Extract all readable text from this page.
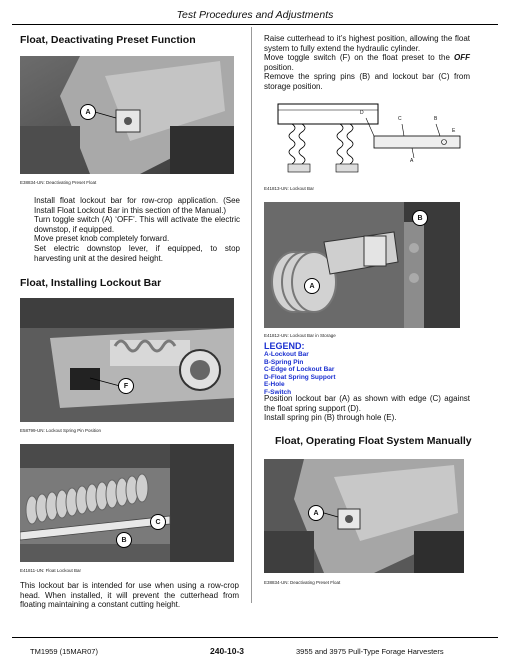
Test Procedures and Adjustments
Float, Deactivating Preset Function
A
E38834-UN: Deactivating Preset Float

Install float lockout bar for row-crop application. (See Install Float Lockout Bar in this section of the Manual.)

Turn toggle switch (A) ‘OFF’. This will activate the electric downstop, if equipped.

Move preset knob completely forward.

Set electric downstop lever, if equipped, to stop harvesting unit at the desired height.

Float, Installing Lockout Bar
F
E58799-UN: Lockout Spring Pin Position
C
B
E41811-UN: Float Lockout Bar
This lockout bar is intended for use when using a row-crop head. When installed, it will prevent the cutterhead from floating maintaining a constant cutting height.

Raise cutterhead to it’s highest position, allowing the float system to fully extend the hydraulic cylinder.

Move toggle switch (F) on the float preset to the OFF position.

Remove the spring pins (B) and lockout bar (C) from storage position.

D
C	B
A
E
E41813-UN: Lockout Bar
B
A
E41812-UN: Lockout Bar in Storage
LEGEND:
A-Lockout Bar
B-Spring Pin
C-Edge of Lockout Bar
D-Float Spring Support
E-Hole
F-Switch

Position lockout bar (A) as shown with edge (C) against the float spring support (D).

Install spring pin (B) through hole (E).

Float, Operating Float System Manually
A
E38834-UN: Deactivating Preset Float
TM1959 (15MAR07)	240-10-3	3955 and 3975 Pull-Type Forage Harvesters
